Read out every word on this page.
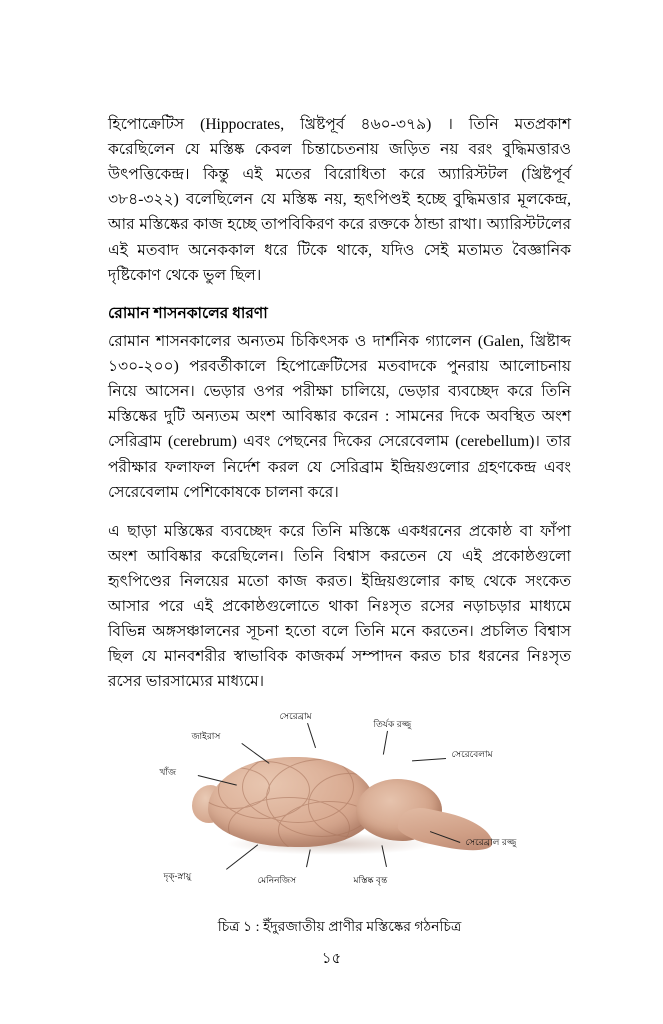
হিপোক্রেটিস (Hippocrates, খ্রিষ্টপূর্ব ৪৬০-৩৭৯) । তিনি মতপ্রকাশ করেছিলেন যে মস্তিষ্ক কেবল চিন্তাচেতনায় জড়িত নয় বরং বুদ্ধিমত্তারও উৎপত্তিকেন্দ্র। কিন্তু এই মতের বিরোধিতা করে অ্যারিস্টটল (খ্রিষ্টপূর্ব ৩৮৪-৩২২) বলেছিলেন যে মস্তিষ্ক নয়, হৃৎপিণ্ডই হচ্ছে বুদ্ধিমত্তার মূলকেন্দ্র, আর মস্তিষ্কের কাজ হচ্ছে তাপবিকিরণ করে রক্তকে ঠান্ডা রাখা। অ্যারিস্টটলের এই মতবাদ অনেককাল ধরে টিকে থাকে, যদিও সেই মতামত বৈজ্ঞানিক দৃষ্টিকোণ থেকে ভুল ছিল।

রোমান শাসনকালের ধারণা

রোমান শাসনকালের অন্যতম চিকিৎসক ও দার্শনিক গ্যালেন (Galen, খ্রিষ্টাব্দ ১৩০-২০০) পরবর্তীকালে হিপোক্রেটিসের মতবাদকে পুনরায় আলোচনায় নিয়ে আসেন। ভেড়ার ওপর পরীক্ষা চালিয়ে, ভেড়ার ব্যবচ্ছেদ করে তিনি মস্তিষ্কের দুটি অন্যতম অংশ আবিষ্কার করেন : সামনের দিকে অবস্থিত অংশ সেরিব্রাম (cerebrum) এবং পেছনের দিকের সেরেবেলাম (cerebellum)। তার পরীক্ষার ফলাফল নির্দেশ করল যে সেরিব্রাম ইন্দ্রিয়গুলোর গ্রহণকেন্দ্র এবং সেরেবেলাম পেশিকোষকে চালনা করে।

এ ছাড়া মস্তিষ্কের ব্যবচ্ছেদ করে তিনি মস্তিষ্কে একধরনের প্রকোষ্ঠ বা ফাঁপা অংশ আবিষ্কার করেছিলেন। তিনি বিশ্বাস করতেন যে এই প্রকোষ্ঠগুলো হৃৎপিণ্ডের নিলয়ের মতো কাজ করত। ইন্দ্রিয়গুলোর কাছ থেকে সংকেত আসার পরে এই প্রকোষ্ঠগুলোতে থাকা নিঃসৃত রসের নড়াচড়ার মাধ্যমে বিভিন্ন অঙ্গসঞ্চালনের সূচনা হতো বলে তিনি মনে করতেন। প্রচলিত বিশ্বাস ছিল যে মানবশরীর স্বাভাবিক কাজকর্ম সম্পাদন করত চার ধরনের নিঃসৃত রসের ভারসাম্যের মাধ্যমে।

সেরেব্রাম
তির্যক রজ্জু
জাইরাস
সেরেবেলাম
খাঁজ
সেরেব্রাল রজ্জু
দৃক্-স্নায়ু	মেনিনজিস	মস্তিষ্ক বৃন্ত
চিত্র ১ : ইঁদুরজাতীয় প্রাণীর মস্তিষ্কের গঠনচিত্র
১৫
